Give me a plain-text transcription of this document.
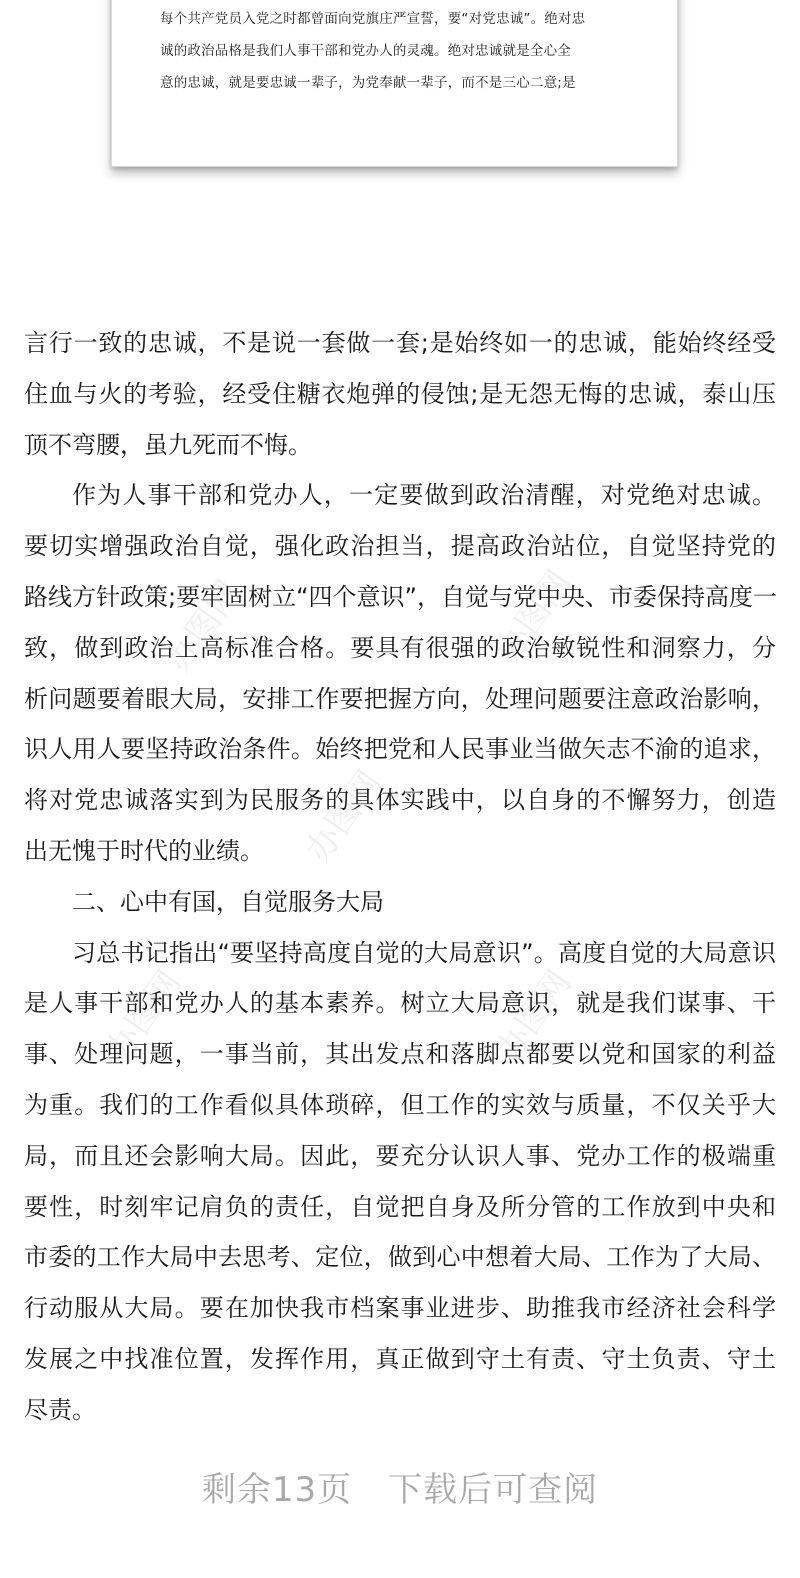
每个共产党员入党之时都曾面向党旗庄严宣誓，要“对党忠诚”。绝对忠
诚的政治品格是我们人事干部和党办人的灵魂。绝对忠诚就是全心全
意的忠诚，就是要忠诚一辈子，为党奉献一辈子，而不是三心二意;是
办图网	办图网
办图网
办图网	办图网
言行一致的忠诚，不是说一套做一套;是始终如一的忠诚，能始终经受
住血与火的考验，经受住糖衣炮弹的侵蚀;是无怨无悔的忠诚，泰山压
顶不弯腰，虽九死而不悔。
作为人事干部和党办人，一定要做到政治清醒，对党绝对忠诚。
要切实增强政治自觉，强化政治担当，提高政治站位，自觉坚持党的
路线方针政策;要牢固树立“四个意识”，自觉与党中央、市委保持高度一
致，做到政治上高标准合格。要具有很强的政治敏锐性和洞察力，分
析问题要着眼大局，安排工作要把握方向，处理问题要注意政治影响，
识人用人要坚持政治条件。始终把党和人民事业当做矢志不渝的追求，
将对党忠诚落实到为民服务的具体实践中，以自身的不懈努力，创造
出无愧于时代的业绩。
二、心中有国，自觉服务大局
习总书记指出“要坚持高度自觉的大局意识”。高度自觉的大局意识
是人事干部和党办人的基本素养。树立大局意识，就是我们谋事、干
事、处理问题，一事当前，其出发点和落脚点都要以党和国家的利益
为重。我们的工作看似具体琐碎，但工作的实效与质量，不仅关乎大
局，而且还会影响大局。因此，要充分认识人事、党办工作的极端重
要性，时刻牢记肩负的责任，自觉把自身及所分管的工作放到中央和
市委的工作大局中去思考、定位，做到心中想着大局、工作为了大局、
行动服从大局。要在加快我市档案事业进步、助推我市经济社会科学
发展之中找准位置，发挥作用，真正做到守土有责、守土负责、守土
尽责。
剩余13页 下载后可查阅
